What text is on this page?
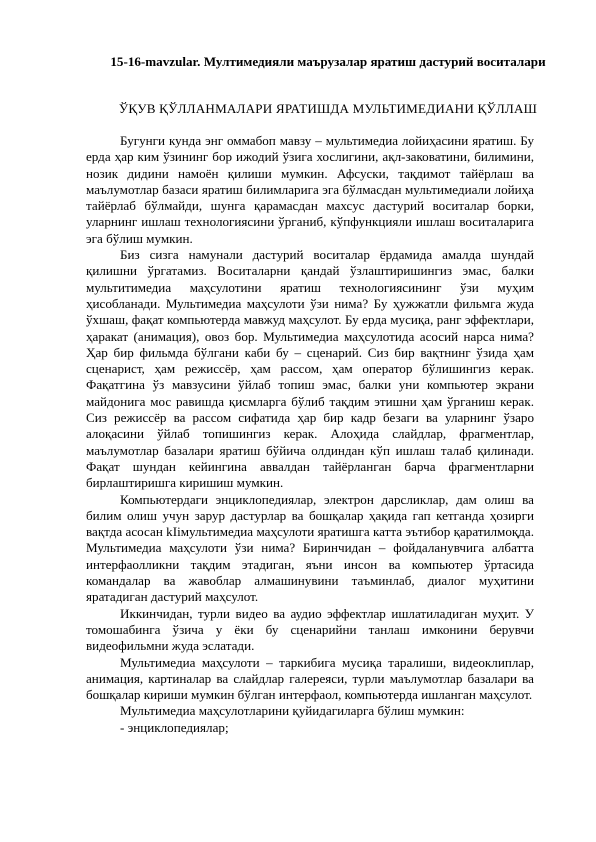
15-16-mavzular. Мултимедияли маърузалар яратиш дастурий воситалари
ЎҚУВ ҚЎЛЛАНМАЛАРИ ЯРАТИШДА МУЛЬТИМЕДИАНИ ҚЎЛЛАШ

Бугунги кунда энг оммабоп мавзу – мультимедиа лойиҳасини яратиш. Бу ерда ҳар ким ўзининг бор ижодий ўзига хослигини, ақл-заковатини, билимини, нозик дидини намоён қилиши мумкин. Афсуски, тақдимот тайёрлаш ва маълумотлар базаси яратиш билимларига эга бўлмасдан мультимедиали лойиҳа тайёрлаб бўлмайди, шунга қарамасдан махсус дастурий воситалар борки, уларнинг ишлаш технологиясини ўрганиб, кўпфункцияли ишлаш воситаларига эга бўлиш мумкин.

Биз сизга намунали дастурий воситалар ёрдамида амалда шундай қилишни ўргатамиз. Воситаларни қандай ўзлаштиришингиз эмас, балки мультитимедиа маҳсулотини яратиш технологиясининг ўзи муҳим ҳисобланади. Мультимедиа маҳсулоти ўзи нима? Бу ҳужжатли фильмга жуда ўхшаш, фақат компьютерда мавжуд маҳсулот. Бу ерда мусиқа, ранг эффектлари, ҳаракат (анимация), овоз бор. Мультимедиа маҳсулотида асосий нарса нима? Ҳар бир фильмда бўлгани каби бу – сценарий. Сиз бир вақтнинг ўзида ҳам сценарист, ҳам режиссёр, ҳам рассом, ҳам оператор бўлишингиз керак. Фақатгина ўз мавзусини ўйлаб топиш эмас, балки уни компьютер экрани майдонига мос равишда қисмларга бўлиб тақдим этишни ҳам ўрганиш керак. Сиз режиссёр ва рассом сифатида ҳар бир кадр безаги ва уларнинг ўзаро алоқасини ўйлаб топишингиз керак. Алоҳида слайдлар, фрагментлар, маълумотлар базалари яратиш бўйича олдиндан кўп ишлаш талаб қилинади. Фақат шундан кейингина аввалдан тайёрланган барча фрагментларни бирлаштиришга киришиш мумкин.

Компьютердаги энциклопедиялар, электрон дарсликлар, дам олиш ва билим олиш учун зарур дастурлар ва бошқалар ҳақида гап кетганда ҳозирги вақтда асосан kIiмультимедиа маҳсулоти яратишга катта эътибор қаратилмоқда. Мультимедиа маҳсулоти ўзи нима? Биринчидан – фойдаланувчига албатта интерфаолликни тақдим этадиган, яъни инсон ва компьютер ўртасида командалар ва жавоблар алмашинувини таъминлаб, диалог муҳитини яратадиган дастурий маҳсулот.

Иккинчидан, турли видео ва аудио эффектлар ишлатиладиган муҳит. У томошабинга ўзича у ёки бу сценарийни танлаш имконини берувчи видеофильмни жуда эслатади.

Мультимедиа маҳсулоти – таркибига мусиқа таралиши, видеоклиплар, анимация, картиналар ва слайдлар галереяси, турли маълумотлар базалари ва бошқалар кириши мумкин бўлган интерфаол, компьютерда ишланган маҳсулот.

Мультимедиа маҳсулотларини қуйидагиларга бўлиш мумкин:

- энциклопедиялар;
